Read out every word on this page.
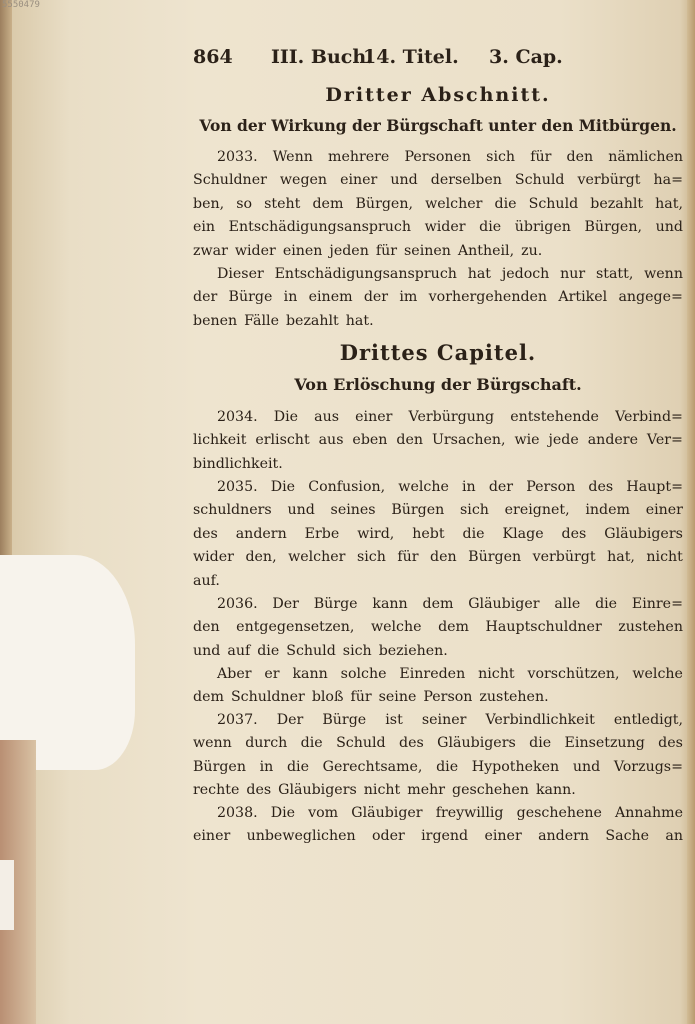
5550479
864 III. Buch.
14. Titel. 3. Cap.
Dritter Abschnitt.
Von der Wirkung der Bürgschaft unter den Mitbürgen.
2033. Wenn mehrere Personen sich für den nämlichen
Schuldner wegen einer und derselben Schuld verbürgt ha=
ben, so steht dem Bürgen, welcher die Schuld bezahlt hat,
ein Entschädigungsanspruch wider die übrigen Bürgen, und
zwar wider einen jeden für seinen Antheil, zu.
Dieser Entschädigungsanspruch hat jedoch nur statt, wenn
der Bürge in einem der im vorhergehenden Artikel angege=
benen Fälle bezahlt hat.
Drittes Capitel.
Von Erlöschung der Bürgschaft.
2034. Die aus einer Verbürgung entstehende Verbind=
lichkeit erlischt aus eben den Ursachen, wie jede andere Ver=
bindlichkeit.
2035. Die Confusion, welche in der Person des Haupt=
schuldners und seines Bürgen sich ereignet, indem einer
des andern Erbe wird, hebt die Klage des Gläubigers
wider den, welcher sich für den Bürgen verbürgt hat, nicht
auf.
2036. Der Bürge kann dem Gläubiger alle die Einre=
den entgegensetzen, welche dem Hauptschuldner zustehen
und auf die Schuld sich beziehen.
Aber er kann solche Einreden nicht vorschützen, welche
dem Schuldner bloß für seine Person zustehen.
2037. Der Bürge ist seiner Verbindlichkeit entledigt,
wenn durch die Schuld des Gläubigers die Einsetzung des
Bürgen in die Gerechtsame, die Hypotheken und Vorzugs=
rechte des Gläubigers nicht mehr geschehen kann.
2038. Die vom Gläubiger freywillig geschehene Annahme
einer unbeweglichen oder irgend einer andern Sache an
